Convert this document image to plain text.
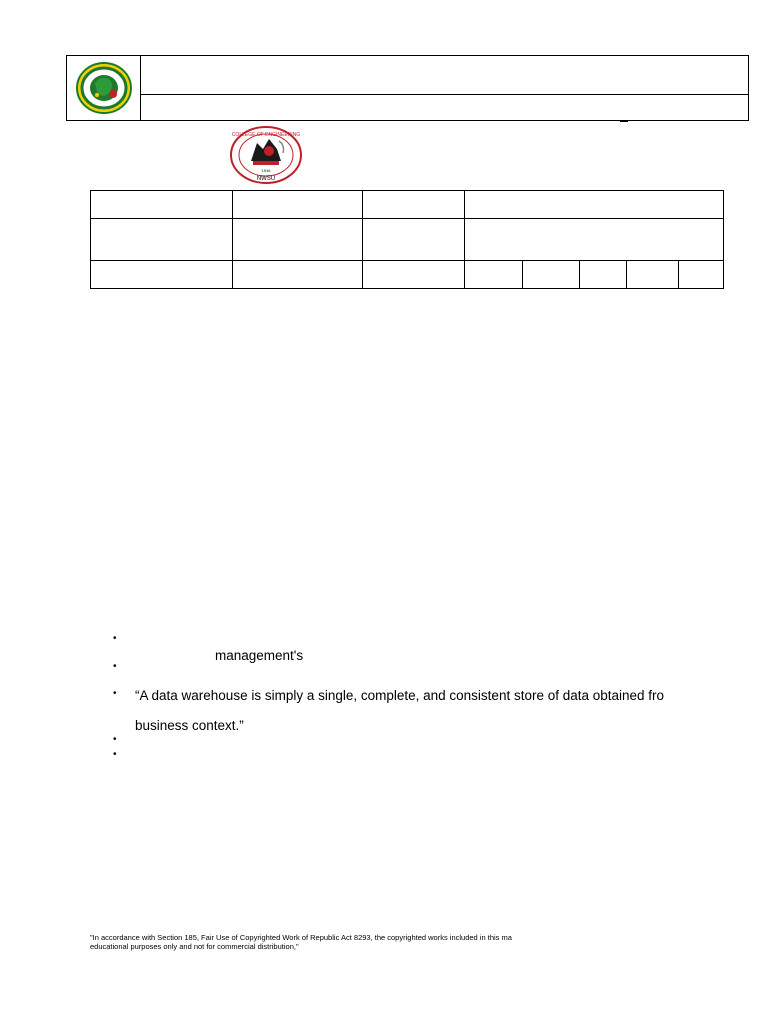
COLLEGE OF ENGINEERING
1916
NWSU

•
management's
•
• “A data warehouse is simply a single, complete, and consistent store of data obtained fro
business context.”
•
•
"In accordance with Section 185, Fair Use of Copyrighted Work of Republic Act 8293, the copyrighted works included in this ma
educational purposes only and not for commercial distribution,"
